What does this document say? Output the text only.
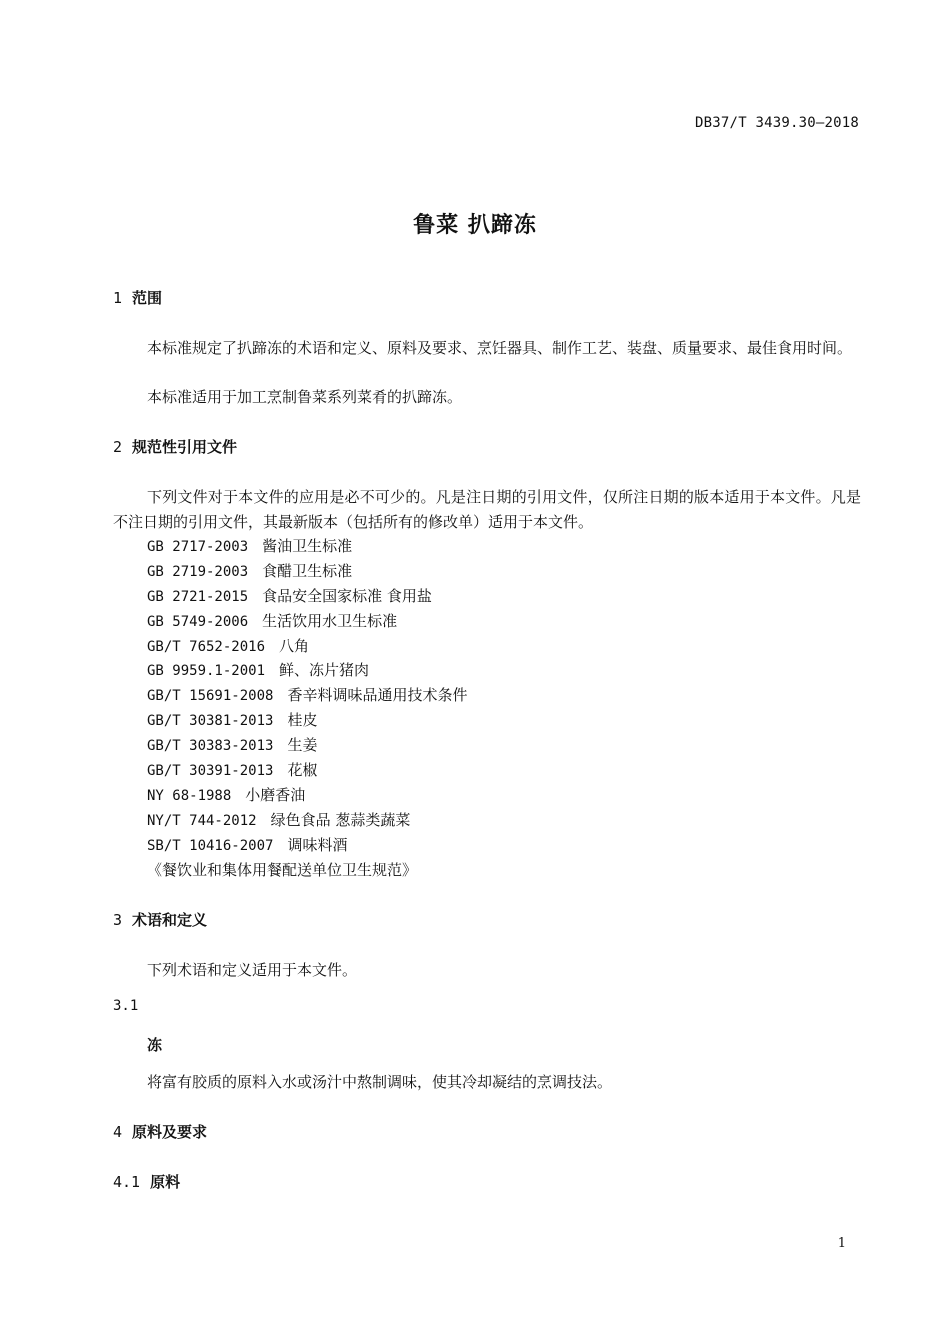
DB37/T 3439.30—2018
鲁菜 扒蹄冻
1 范围
本标准规定了扒蹄冻的术语和定义、原料及要求、烹饪器具、制作工艺、装盘、质量要求、最佳食用时间。
本标准适用于加工烹制鲁菜系列菜肴的扒蹄冻。
2 规范性引用文件
下列文件对于本文件的应用是必不可少的。凡是注日期的引用文件，仅所注日期的版本适用于本文件。凡是不注日期的引用文件，其最新版本（包括所有的修改单）适用于本文件。
GB 2717-2003 酱油卫生标准
GB 2719-2003 食醋卫生标准
GB 2721-2015 食品安全国家标准 食用盐
GB 5749-2006 生活饮用水卫生标准
GB/T 7652-2016 八角
GB 9959.1-2001 鲜、冻片猪肉
GB/T 15691-2008 香辛料调味品通用技术条件
GB/T 30381-2013 桂皮
GB/T 30383-2013 生姜
GB/T 30391-2013 花椒
NY 68-1988 小磨香油
NY/T 744-2012 绿色食品 葱蒜类蔬菜
SB/T 10416-2007 调味料酒
《餐饮业和集体用餐配送单位卫生规范》
3 术语和定义
下列术语和定义适用于本文件。
3.1
冻
将富有胶质的原料入水或汤汁中熬制调味，使其冷却凝结的烹调技法。
4 原料及要求
4.1 原料
1
